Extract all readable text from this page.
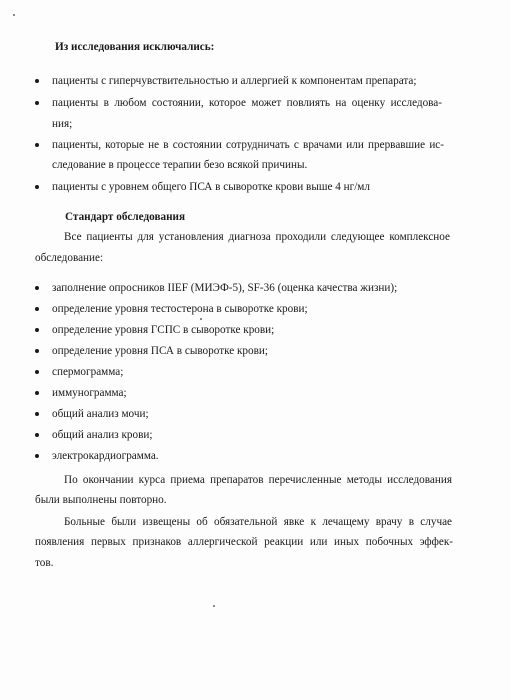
Из исследования исключались:
пациенты с гиперчувствительностью и аллергией к компонентам препарата;
пациенты в любом состоянии, которое может повлиять на оценку исследова-
ния;
пациенты, которые не в состоянии сотрудничать с врачами или прервавшие ис-
следование в процессе терапии безо всякой причины.
пациенты с уровнем общего ПСА в сыворотке крови выше 4 нг/мл
Стандарт обследования
Все пациенты для установления диагноза проходили следующее комплексное
обследование:
заполнение опросников IIEF (МИЭФ-5), SF-36 (оценка качества жизни);
определение уровня тестостерона в сыворотке крови;
определение уровня ГСПС в сыворотке крови;
определение уровня ПСА в сыворотке крови;
спермограмма;
иммунограмма;
общий анализ мочи;
общий анализ крови;
электрокардиограмма.
По окончании курса приема препаратов перечисленные методы исследования
были выполнены повторно.
Больные были извещены об обязательной явке к лечащему врачу в случае
появления первых признаков аллергической реакции или иных побочных эффек-
тов.
